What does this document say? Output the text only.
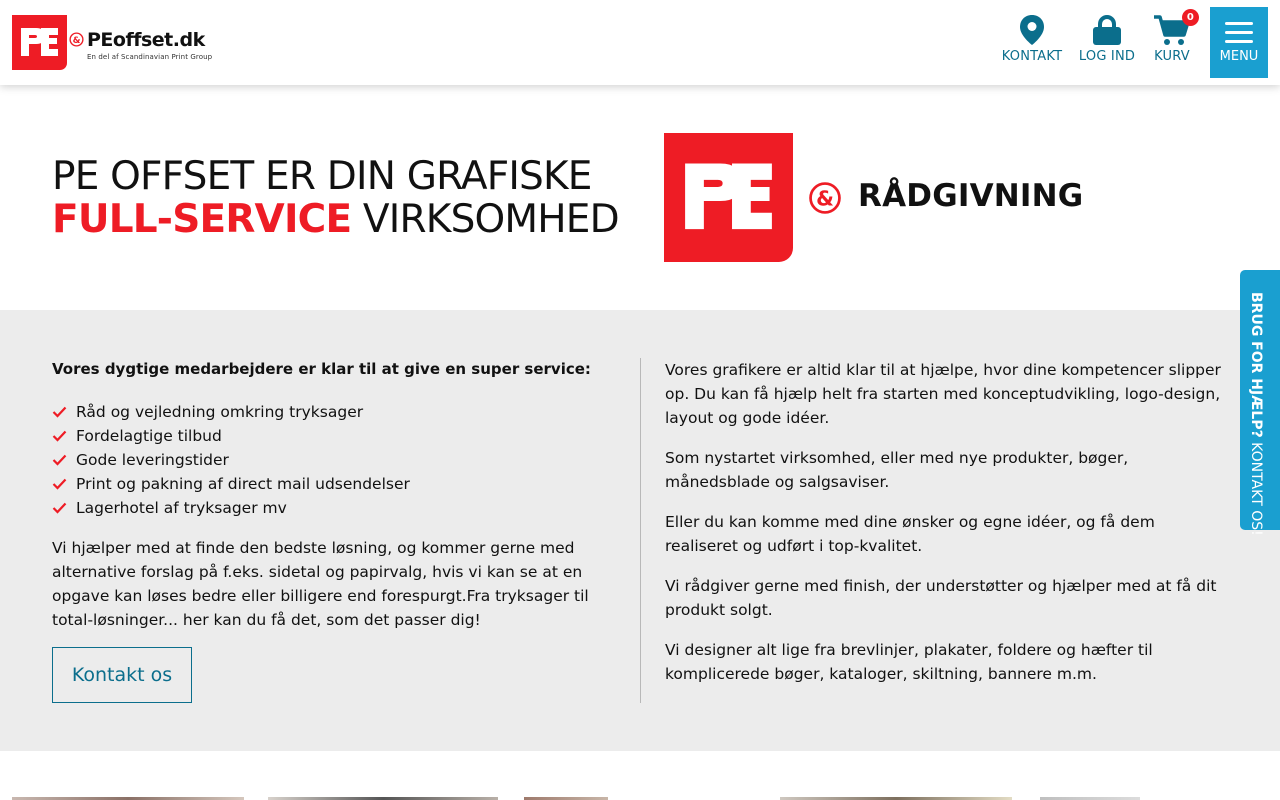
& PEoffset.dk
En del af Scandinavian Print Group	KONTAKT LOG IND
0
KURV	MENU
PE OFFSET ER DIN GRAFISKE
FULL-SERVICE VIRKSOMHED	& RÅDGIVNING
Vores dygtige medarbejdere er klar til at give en super service:
Råd og vejledning omkring tryksager
Fordelagtige tilbud
Gode leveringstider
Print og pakning af direct mail udsendelser
Lagerhotel af tryksager mv

Vi hjælper med at finde den bedste løsning, og kommer gerne med alternative forslag på f.eks. sidetal og papirvalg, hvis vi kan se at en opgave kan løses bedre eller billigere end forespurgt.Fra tryksager til total-løsninger... her kan du få det, som det passer dig!

Kontakt os

Vores grafikere er altid klar til at hjælpe, hvor dine kompetencer slipper op. Du kan få hjælp helt fra starten med konceptudvikling, logo-design, layout og gode idéer.

Som nystartet virksomhed, eller med nye produkter, bøger, månedsblade og salgsaviser.

Eller du kan komme med dine ønsker og egne idéer, og få dem realiseret og udført i top-kvalitet.

Vi rådgiver gerne med finish, der understøtter og hjælper med at få dit produkt solgt.

Vi designer alt lige fra brevlinjer, plakater, foldere og hæfter til komplicerede bøger, kataloger, skiltning, bannere m.m.

BRUG FOR HJÆLP? KONTAKT OS!
